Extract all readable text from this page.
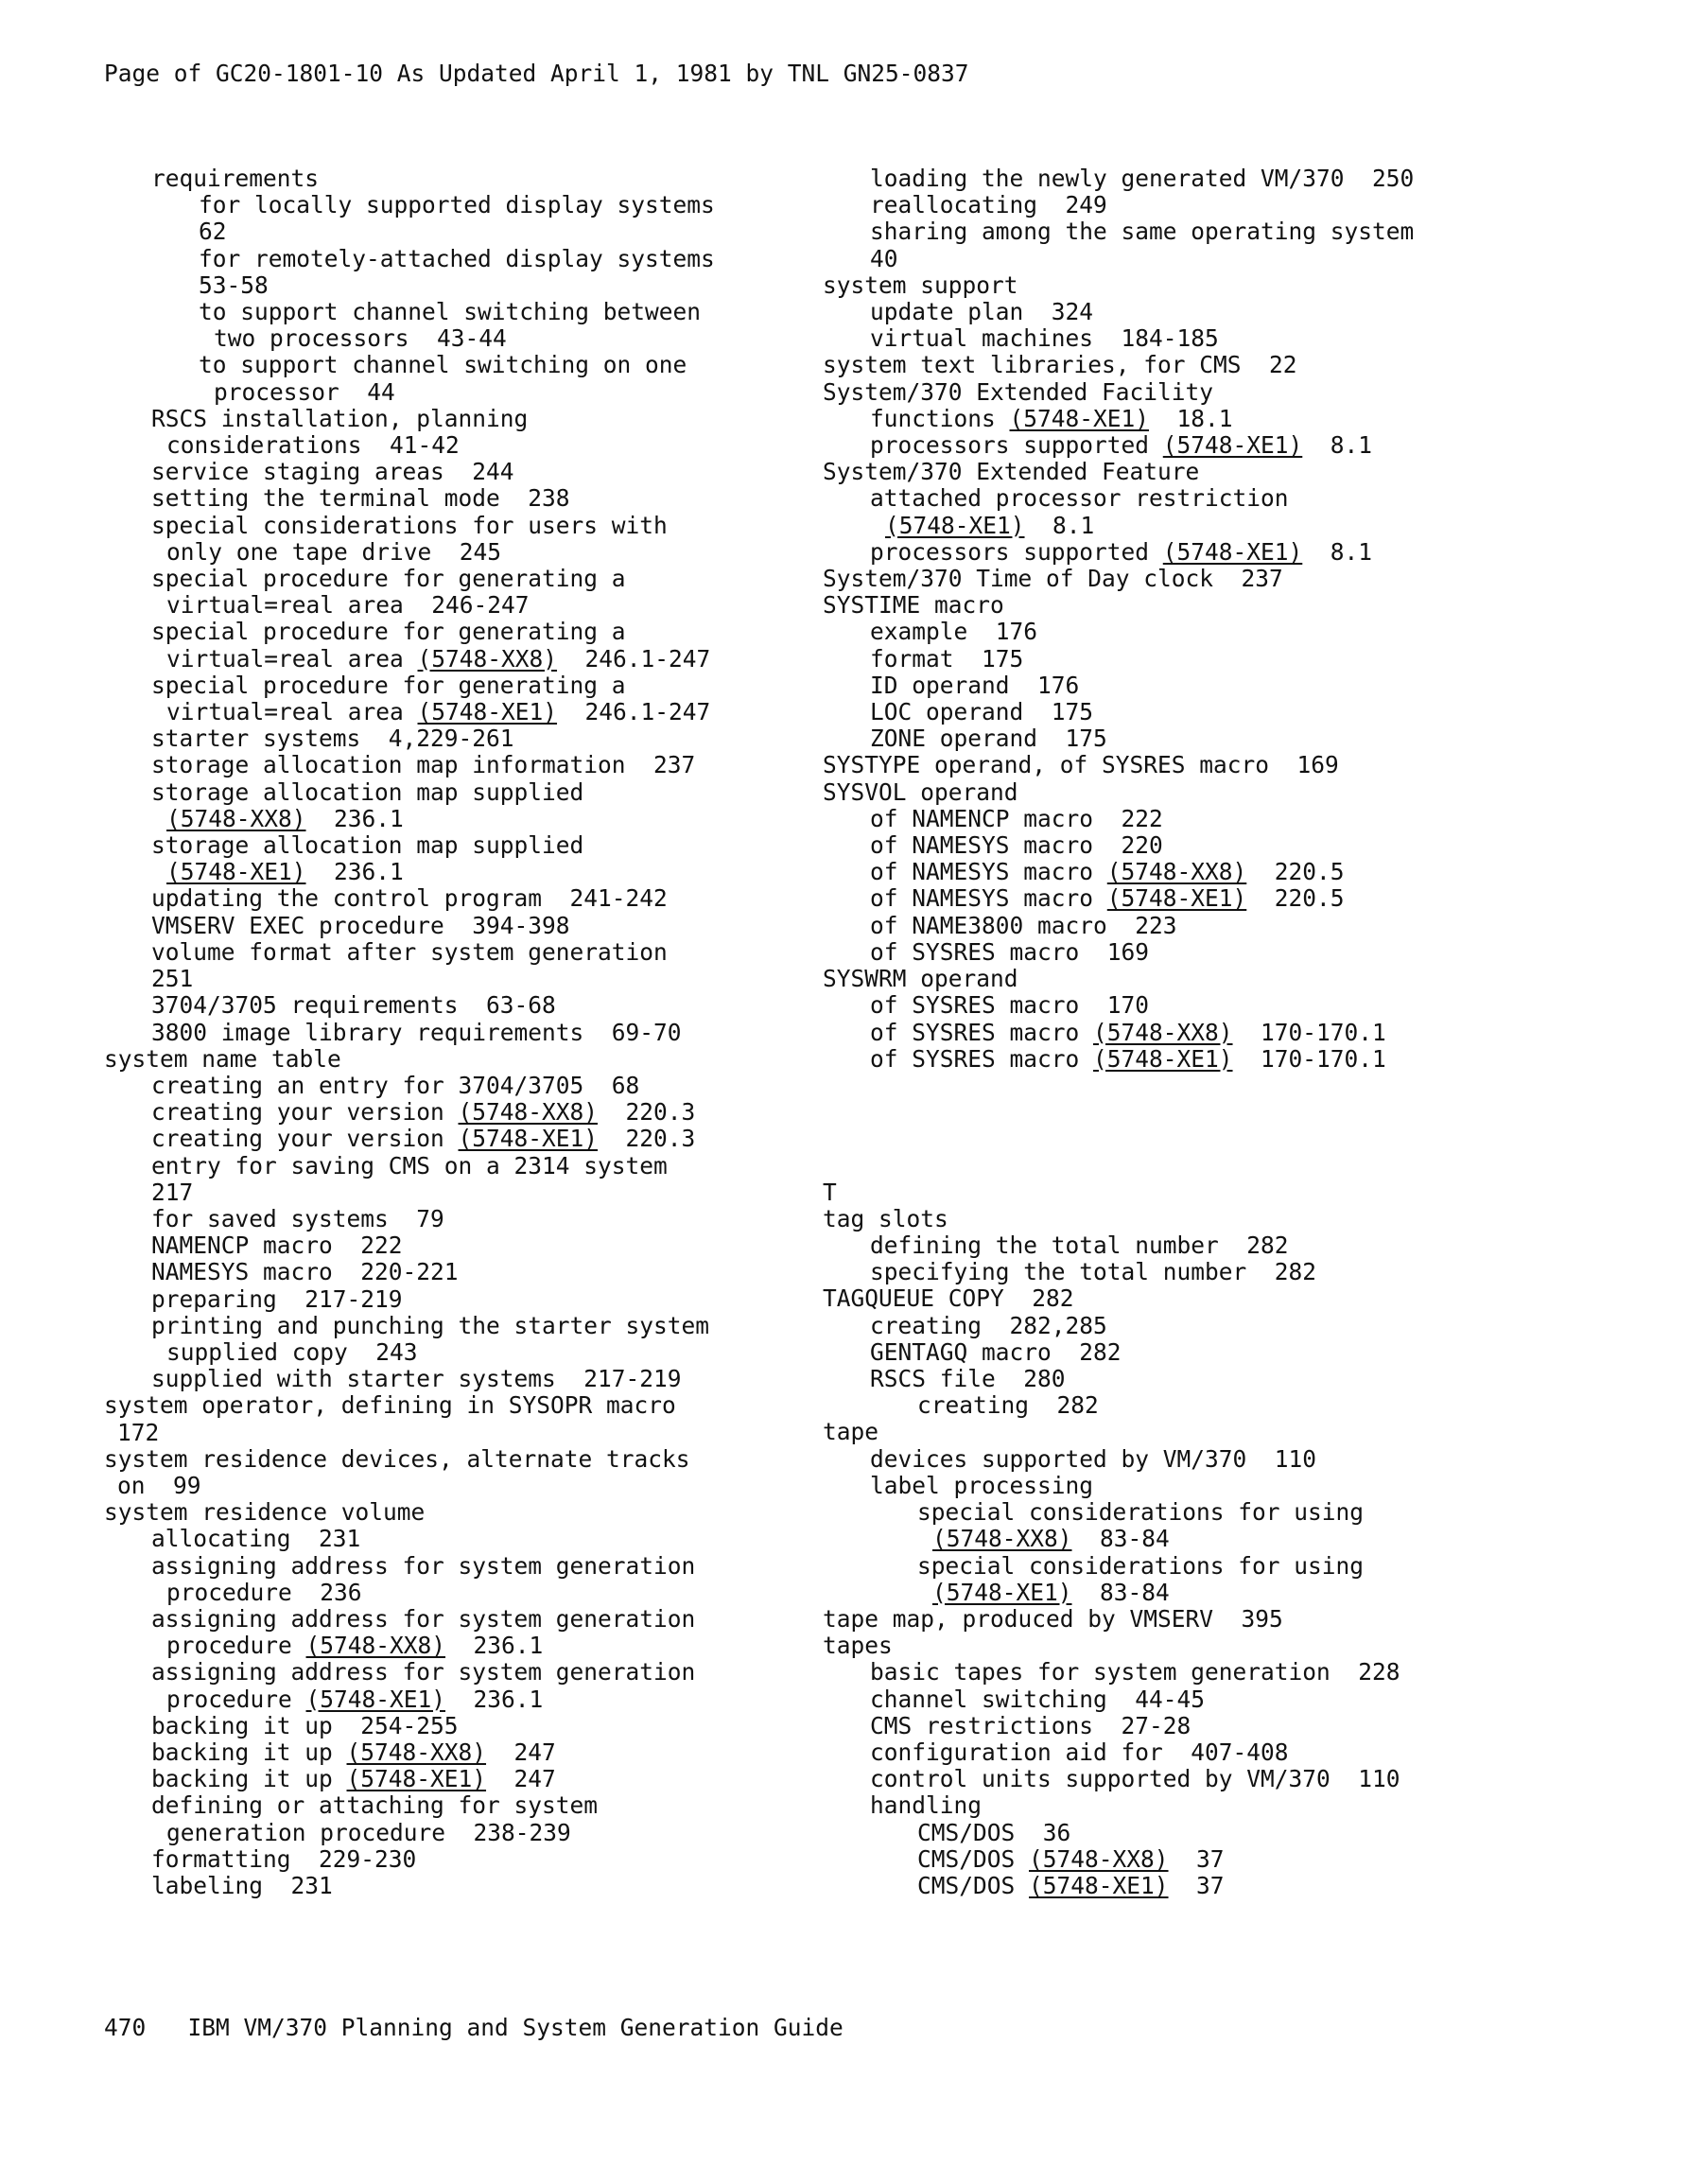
Page of GC20-1801-10 As Updated April 1, 1981 by TNL GN25-0837

requirements

for locally supported display systems

62

for remotely-attached display systems

53-58

to support channel switching between

two processors  43-44

to support channel switching on one

processor  44

RSCS installation, planning

considerations  41-42

service staging areas  244

setting the terminal mode  238

special considerations for users with

only one tape drive  245

special procedure for generating a

virtual=real area  246-247

special procedure for generating a

virtual=real area (5748-XX8)  246.1-247

special procedure for generating a

virtual=real area (5748-XE1)  246.1-247

starter systems  4,229-261

storage allocation map information  237

storage allocation map supplied

(5748-XX8)  236.1

storage allocation map supplied

(5748-XE1)  236.1

updating the control program  241-242

VMSERV EXEC procedure  394-398

volume format after system generation

251

3704/3705 requirements  63-68

3800 image library requirements  69-70

system name table

creating an entry for 3704/3705  68

creating your version (5748-XX8)  220.3

creating your version (5748-XE1)  220.3

entry for saving CMS on a 2314 system

217

for saved systems  79

NAMENCP macro  222

NAMESYS macro  220-221

preparing  217-219

printing and punching the starter system

supplied copy  243

supplied with starter systems  217-219

system operator, defining in SYSOPR macro

172

system residence devices, alternate tracks

on  99

system residence volume

allocating  231

assigning address for system generation

procedure  236

assigning address for system generation

procedure (5748-XX8)  236.1

assigning address for system generation

procedure (5748-XE1)  236.1

backing it up  254-255

backing it up (5748-XX8)  247

backing it up (5748-XE1)  247

defining or attaching for system

generation procedure  238-239

formatting  229-230

labeling  231

loading the newly generated VM/370  250

reallocating  249

sharing among the same operating system

40

system support

update plan  324

virtual machines  184-185

system text libraries, for CMS  22

System/370 Extended Facility

functions (5748-XE1)  18.1

processors supported (5748-XE1)  8.1

System/370 Extended Feature

attached processor restriction

(5748-XE1)  8.1

processors supported (5748-XE1)  8.1

System/370 Time of Day clock  237

SYSTIME macro

example  176

format  175

ID operand  176

LOC operand  175

ZONE operand  175

SYSTYPE operand, of SYSRES macro  169

SYSVOL operand

of NAMENCP macro  222

of NAMESYS macro  220

of NAMESYS macro (5748-XX8)  220.5

of NAMESYS macro (5748-XE1)  220.5

of NAME3800 macro  223

of SYSRES macro  169

SYSWRM operand

of SYSRES macro  170

of SYSRES macro (5748-XX8)  170-170.1

of SYSRES macro (5748-XE1)  170-170.1

T

tag slots

defining the total number  282

specifying the total number  282

TAGQUEUE COPY  282

creating  282,285

GENTAGQ macro  282

RSCS file  280

creating  282

tape

devices supported by VM/370  110

label processing

special considerations for using

(5748-XX8)  83-84

special considerations for using

(5748-XE1)  83-84

tape map, produced by VMSERV  395

tapes

basic tapes for system generation  228

channel switching  44-45

CMS restrictions  27-28

configuration aid for  407-408

control units supported by VM/370  110

handling

CMS/DOS  36

CMS/DOS (5748-XX8)  37

CMS/DOS (5748-XE1)  37

470 IBM VM/370 Planning and System Generation Guide
